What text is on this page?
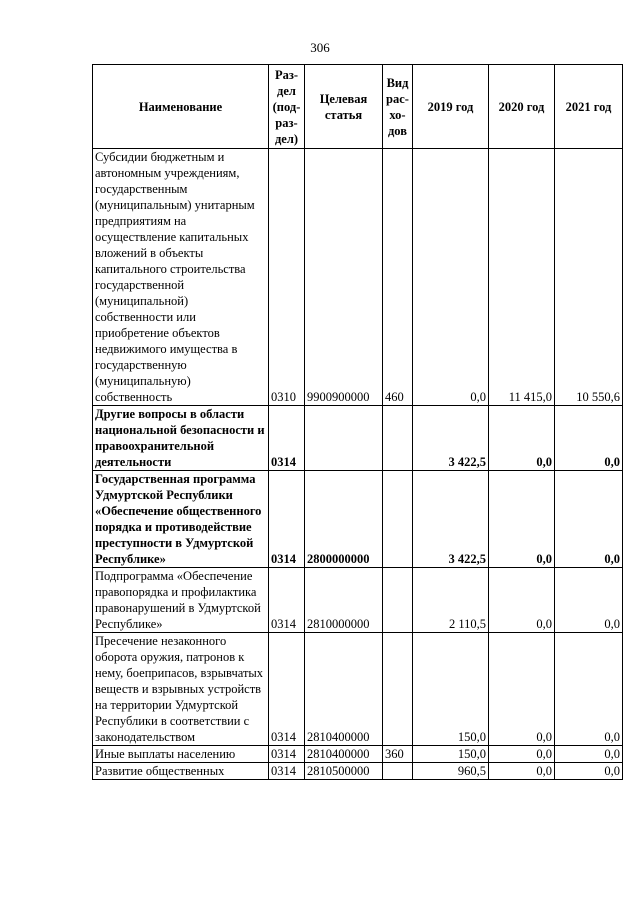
306
Наименование	Раз-дел (под-раз-дел)	Целевая статья	Вид рас-хо-дов	2019 год	2020 год	2021 год
Субсидии бюджетным и автономным учреждениям, государственным (муниципальным) унитарным предприятиям на осуществление капитальных вложений в объекты капитального строительства государственной (муниципальной) собственности или приобретение объектов недвижимого имущества в государственную (муниципальную) собственность	0310	9900900000	460	0,0	11 415,0	10 550,6
Другие вопросы в области национальной безопасности и правоохранительной деятельности	0314			3 422,5	0,0	0,0
Государственная программа Удмуртской Республики «Обеспечение общественного порядка и противодействие преступности в Удмуртской Республике»	0314	2800000000		3 422,5	0,0	0,0
Подпрограмма «Обеспечение правопорядка и профилактика правонарушений в Удмуртской Республике»	0314	2810000000		2 110,5	0,0	0,0
Пресечение незаконного оборота оружия, патронов к нему, боеприпасов, взрывчатых веществ и взрывных устройств на территории Удмуртской Республики в соответствии с законодательством	0314	2810400000		150,0	0,0	0,0
Иные выплаты населению	0314	2810400000	360	150,0	0,0	0,0
Развитие общественных	0314	2810500000		960,5	0,0	0,0
